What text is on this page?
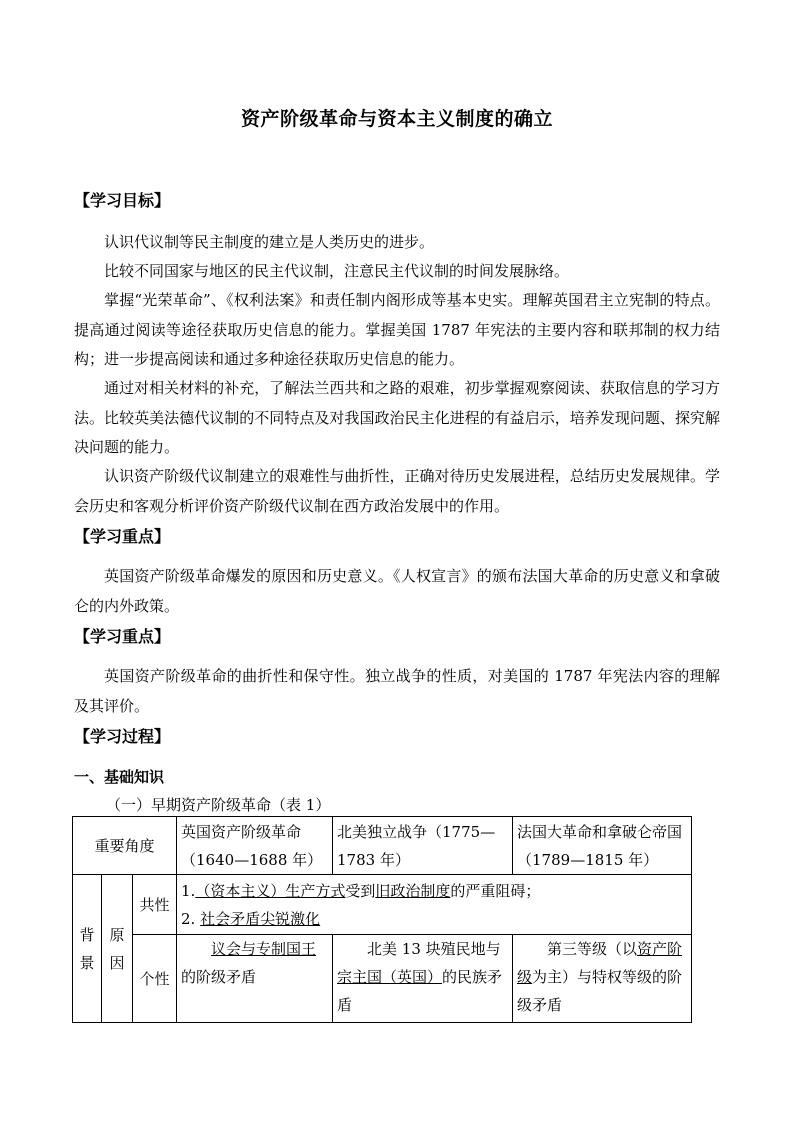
资产阶级革命与资本主义制度的确立
【学习目标】
认识代议制等民主制度的建立是人类历史的进步。
比较不同国家与地区的民主代议制，注意民主代议制的时间发展脉络。
掌握“光荣革命”、《权利法案》和责任制内阁形成等基本史实。理解英国君主立宪制的特点。提高通过阅读等途径获取历史信息的能力。掌握美国 1787 年宪法的主要内容和联邦制的权力结构；进一步提高阅读和通过多种途径获取历史信息的能力。
通过对相关材料的补充，了解法兰西共和之路的艰难，初步掌握观察阅读、获取信息的学习方法。比较英美法德代议制的不同特点及对我国政治民主化进程的有益启示，培养发现问题、探究解决问题的能力。
认识资产阶级代议制建立的艰难性与曲折性，正确对待历史发展进程，总结历史发展规律。学会历史和客观分析评价资产阶级代议制在西方政治发展中的作用。
【学习重点】
英国资产阶级革命爆发的原因和历史意义。《人权宣言》的颁布法国大革命的历史意义和拿破仑的内外政策。
【学习重点】
英国资产阶级革命的曲折性和保守性。独立战争的性质，对美国的 1787 年宪法内容的理解及其评价。
【学习过程】
一、基础知识
（一）早期资产阶级革命（表 1）
重要角度			英国资产阶级革命（1640—1688 年）	北美独立战争（1775—1783 年）	法国大革命和拿破仑帝国（1789—1815 年）
背景	原因	共性	1.（资本主义）生产方式受到旧政治制度的严重阻碍；
2. 社会矛盾尖锐激化		

		个性	议会与专制国王的阶级矛盾	北美 13 块殖民地与宗主国（英国）的民族矛盾	第三等级（以资产阶级为主）与特权等级的阶级矛盾
